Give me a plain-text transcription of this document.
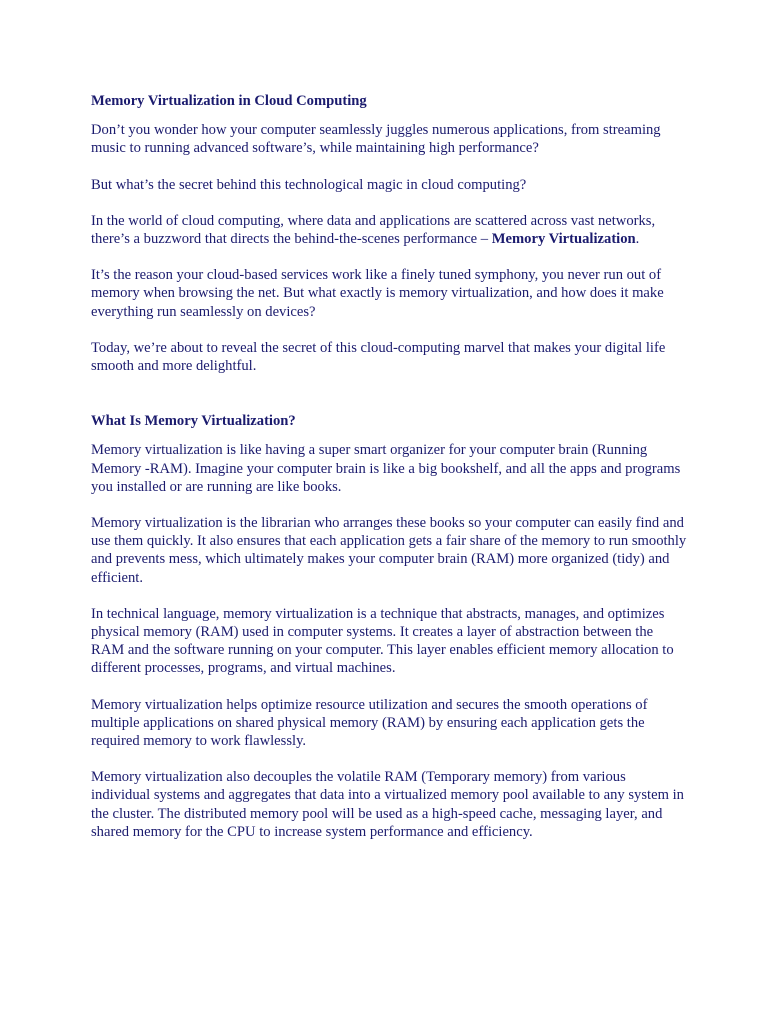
Memory Virtualization in Cloud Computing

Don’t you wonder how your computer seamlessly juggles numerous applications, from streaming music to running advanced software’s, while maintaining high performance?

But what’s the secret behind this technological magic in cloud computing?

In the world of cloud computing, where data and applications are scattered across vast networks, there’s a buzzword that directs the behind-the-scenes performance – Memory Virtualization.

It’s the reason your cloud-based services work like a finely tuned symphony, you never run out of memory when browsing the net. But what exactly is memory virtualization, and how does it make everything run seamlessly on devices?

Today, we’re about to reveal the secret of this cloud-computing marvel that makes your digital life smooth and more delightful.

What Is Memory Virtualization?

Memory virtualization is like having a super smart organizer for your computer brain (Running Memory -RAM). Imagine your computer brain is like a big bookshelf, and all the apps and programs you installed or are running are like books.

Memory virtualization is the librarian who arranges these books so your computer can easily find and use them quickly. It also ensures that each application gets a fair share of the memory to run smoothly and prevents mess, which ultimately makes your computer brain (RAM) more organized (tidy) and efficient.

In technical language, memory virtualization is a technique that abstracts, manages, and optimizes physical memory (RAM) used in computer systems. It creates a layer of abstraction between the RAM and the software running on your computer. This layer enables efficient memory allocation to different processes, programs, and virtual machines.

Memory virtualization helps optimize resource utilization and secures the smooth operations of multiple applications on shared physical memory (RAM) by ensuring each application gets the required memory to work flawlessly.

Memory virtualization also decouples the volatile RAM (Temporary memory) from various individual systems and aggregates that data into a virtualized memory pool available to any system in the cluster. The distributed memory pool will be used as a high-speed cache, messaging layer, and shared memory for the CPU to increase system performance and efficiency.
